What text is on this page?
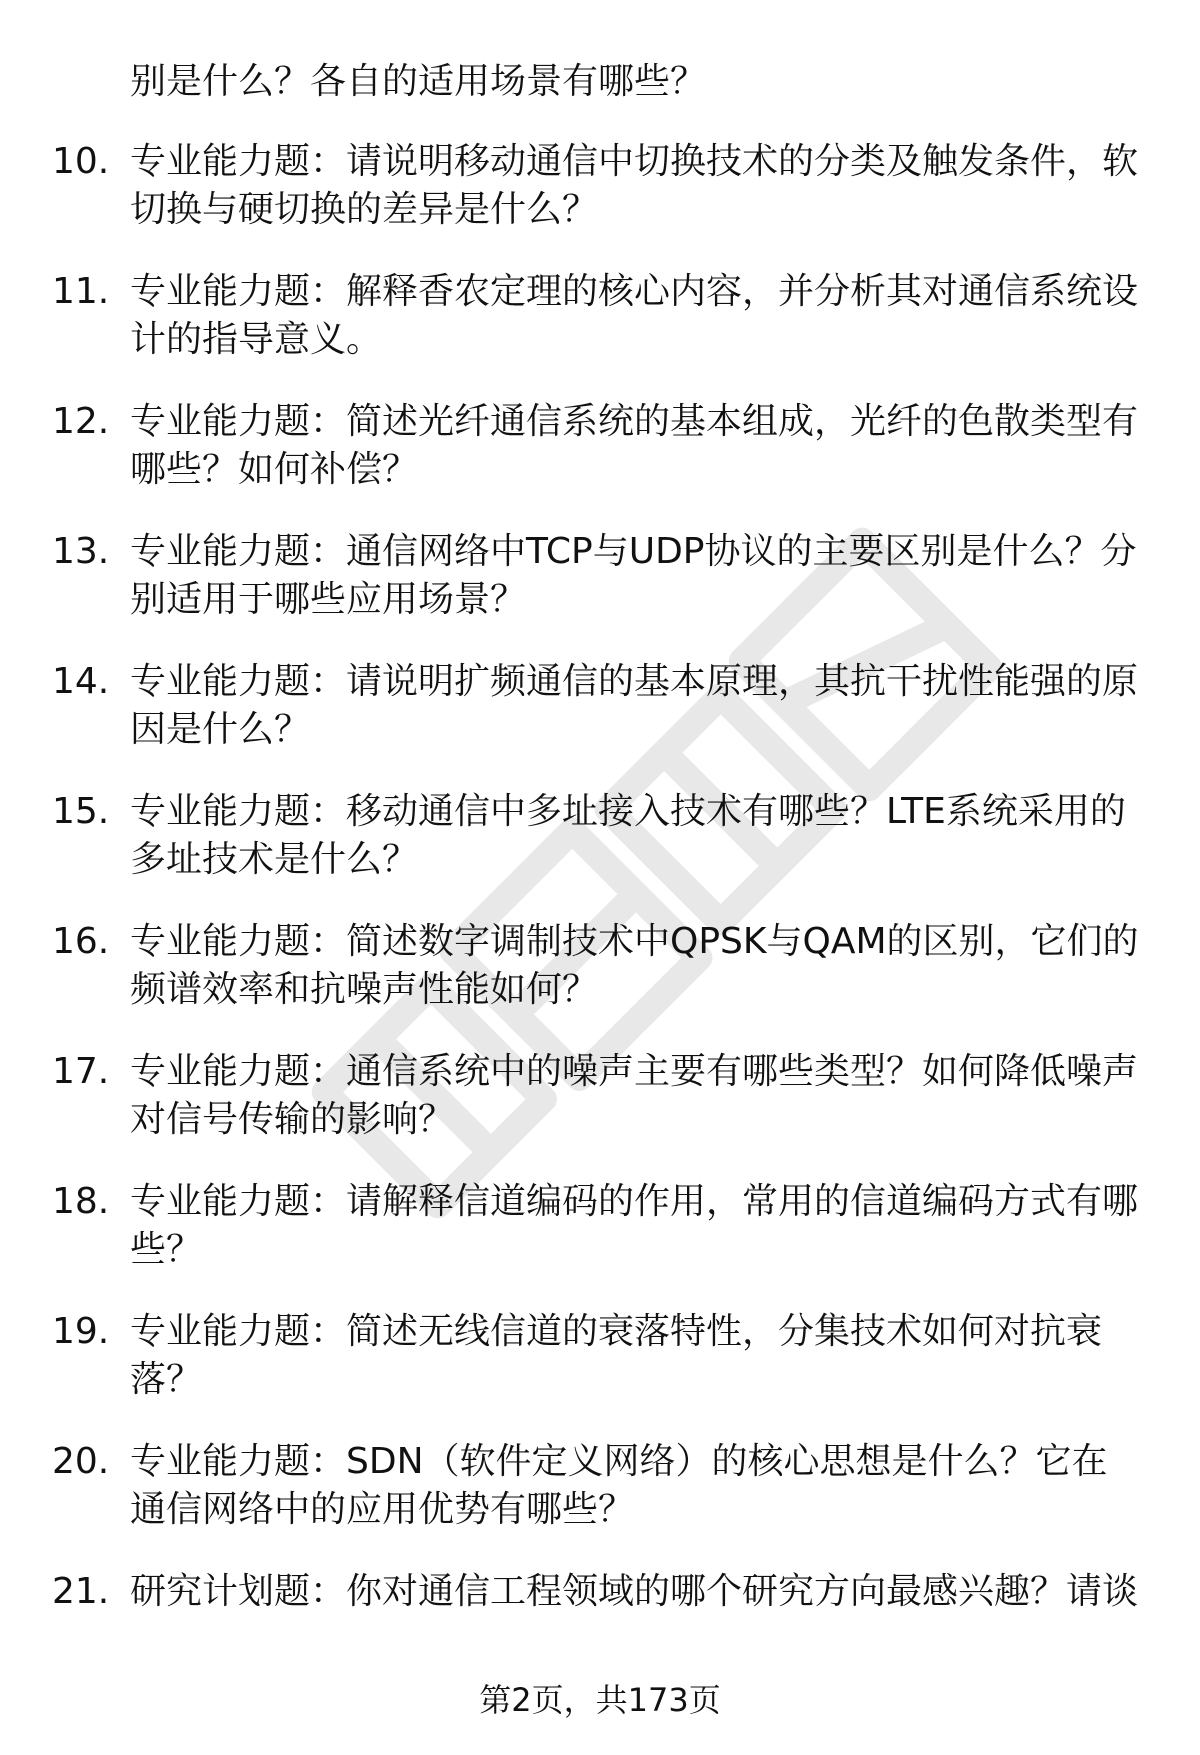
别是什么？各自的适用场景有哪些？

10. 专业能力题：请说明移动通信中切换技术的分类及触发条件，软切换与硬切换的差异是什么？
11. 专业能力题：解释香农定理的核心内容，并分析其对通信系统设计的指导意义。
12. 专业能力题：简述光纤通信系统的基本组成，光纤的色散类型有哪些？如何补偿？
13. 专业能力题：通信网络中TCP与UDP协议的主要区别是什么？分别适用于哪些应用场景？
14. 专业能力题：请说明扩频通信的基本原理，其抗干扰性能强的原因是什么？
15. 专业能力题：移动通信中多址接入技术有哪些？LTE系统采用的多址技术是什么？
16. 专业能力题：简述数字调制技术中QPSK与QAM的区别，它们的频谱效率和抗噪声性能如何？
17. 专业能力题：通信系统中的噪声主要有哪些类型？如何降低噪声对信号传输的影响？
18. 专业能力题：请解释信道编码的作用，常用的信道编码方式有哪些？
19. 专业能力题：简述无线信道的衰落特性，分集技术如何对抗衰落？
20. 专业能力题：SDN（软件定义网络）的核心思想是什么？它在通信网络中的应用优势有哪些？
21. 研究计划题：你对通信工程领域的哪个研究方向最感兴趣？请谈
第2页，共173页
